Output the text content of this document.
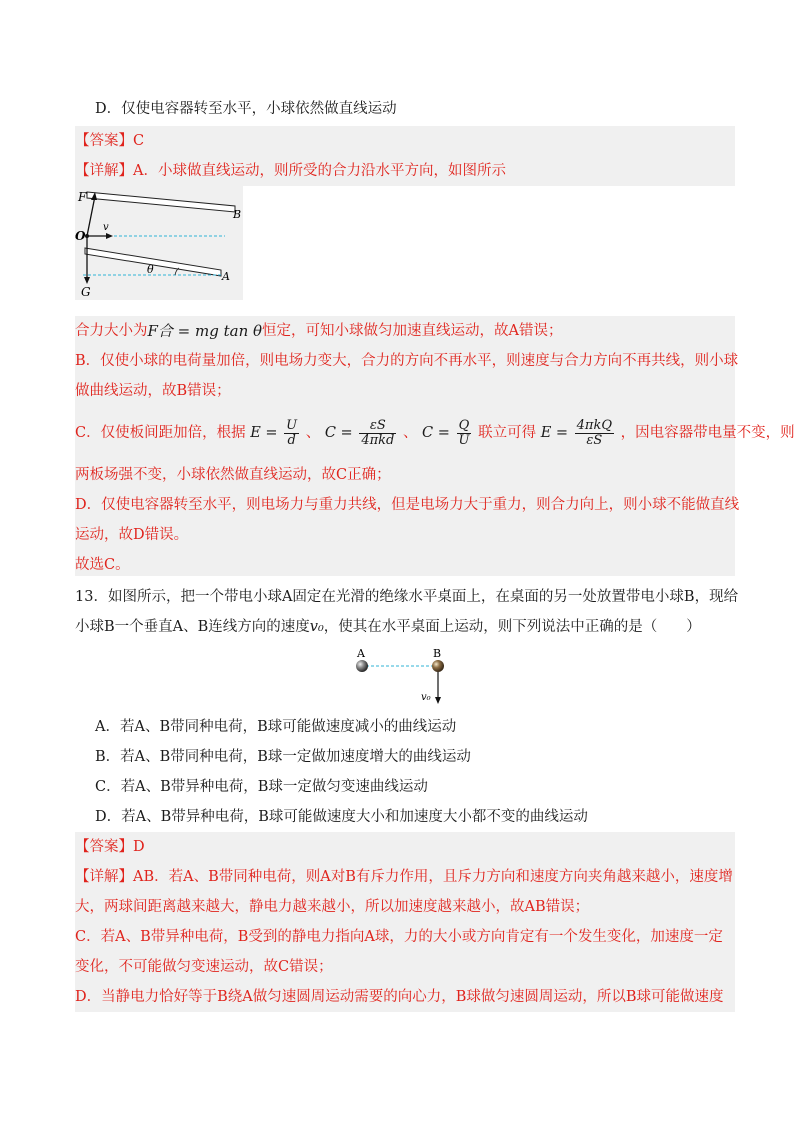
D．仅使电容器转至水平，小球依然做直线运动
【答案】C
【详解】A．小球做直线运动，则所受的合力沿水平方向，如图所示
F
B
O
v
θ
A
G
合力大小为F合 = mg tan θ恒定，可知小球做匀加速直线运动，故A错误；
B．仅使小球的电荷量加倍，则电场力变大，合力的方向不再水平，则速度与合力方向不再共线，则小球
做曲线运动，故B错误；
C．仅使板间距加倍，根据 $E = \frac{U}{d}$ 、 $C = \frac{\varepsilon S}{\text{4πkd}}$ 、 $C = \frac{Q}{U}$ 联立可得 $E = \frac{\text{4πkQ}}{\varepsilon S}$ ，因电容器带电量不变，则
两板场强不变，小球依然做直线运动，故C正确；
D．仅使电容器转至水平，则电场力与重力共线，但是电场力大于重力，则合力向上，则小球不能做直线
运动，故D错误。
故选C。
13．如图所示，把一个带电小球A固定在光滑的绝缘水平桌面上，在桌面的另一处放置带电小球B，现给
小球B一个垂直A、B连线方向的速度v₀，使其在水平桌面上运动，则下列说法中正确的是（　　）
A	B
v₀
A．若A、B带同种电荷，B球可能做速度减小的曲线运动
B．若A、B带同种电荷，B球一定做加速度增大的曲线运动
C．若A、B带异种电荷，B球一定做匀变速曲线运动
D．若A、B带异种电荷，B球可能做速度大小和加速度大小都不变的曲线运动
【答案】D
【详解】AB．若A、B带同种电荷，则A对B有斥力作用，且斥力方向和速度方向夹角越来越小，速度增
大，两球间距离越来越大，静电力越来越小，所以加速度越来越小，故AB错误；
C．若A、B带异种电荷，B受到的静电力指向A球，力的大小或方向肯定有一个发生变化，加速度一定
变化，不可能做匀变速运动，故C错误；
D．当静电力恰好等于B绕A做匀速圆周运动需要的向心力，B球做匀速圆周运动，所以B球可能做速度
